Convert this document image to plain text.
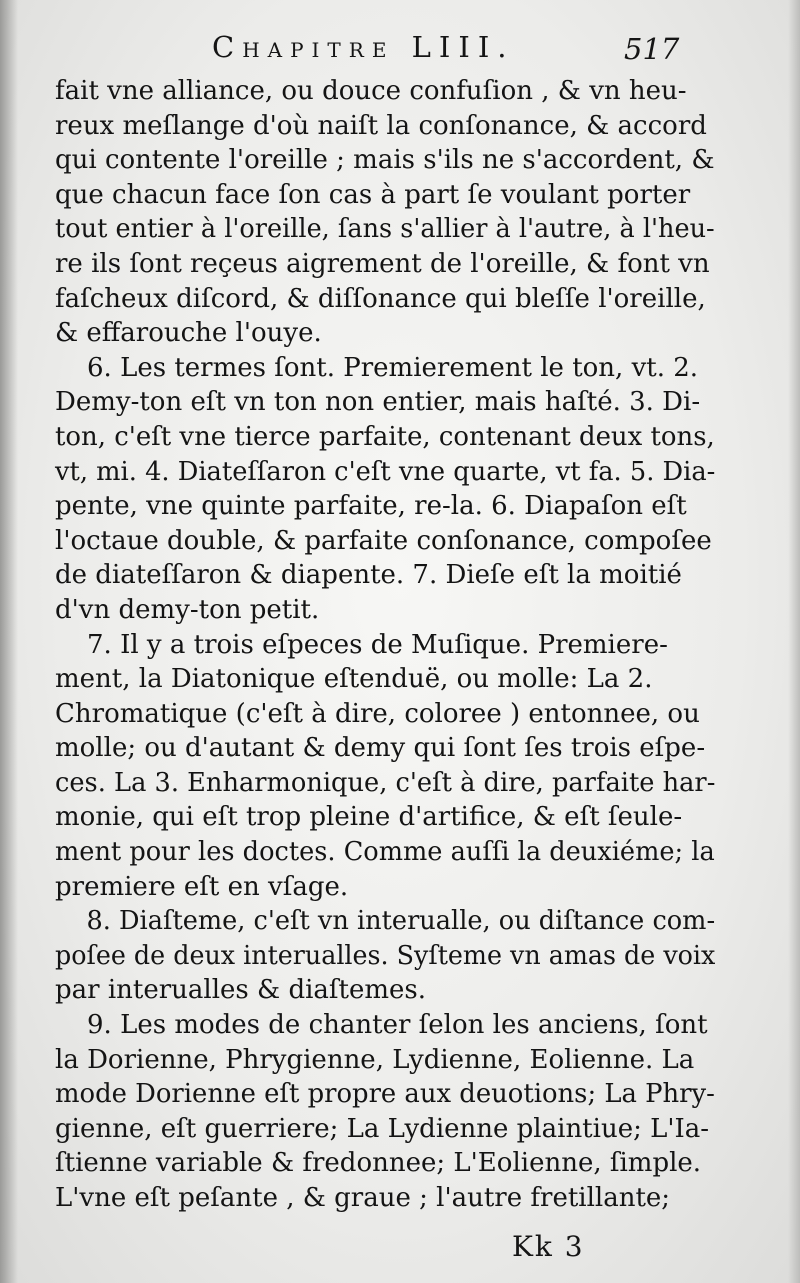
Chapitre LIII.	517
fait vne alliance, ou douce confuſion , & vn heu-
reux meſlange d'où naiſt la conſonance, & accord
qui contente l'oreille ; mais s'ils ne s'accordent, &
que chacun face ſon cas à part ſe voulant porter
tout entier à l'oreille, ſans s'allier à l'autre, à l'heu-
re ils ſont reçeus aigrement de l'oreille, & font vn
faſcheux diſcord, & diſſonance qui bleſſe l'oreille,
& effarouche l'ouye.
6. Les termes ſont. Premierement le ton, vt. 2.
Demy-ton eſt vn ton non entier, mais haſté. 3. Di-
ton, c'eſt vne tierce parfaite, contenant deux tons,
vt, mi. 4. Diateſſaron c'eſt vne quarte, vt fa. 5. Dia-
pente, vne quinte parfaite, re-la. 6. Diapaſon eſt
l'octaue double, & parfaite conſonance, compoſee
de diateſſaron & diapente. 7. Dieſe eſt la moitié
d'vn demy-ton petit.
7. Il y a trois eſpeces de Muſique. Premiere-
ment, la Diatonique eſtenduë, ou molle: La 2.
Chromatique (c'eſt à dire, coloree ) entonnee, ou
molle; ou d'autant & demy qui ſont ſes trois eſpe-
ces. La 3. Enharmonique, c'eſt à dire, parfaite har-
monie, qui eſt trop pleine d'artifice, & eſt ſeule-
ment pour les doctes. Comme auſſi la deuxiéme; la
premiere eſt en vſage.
8. Diaſteme, c'eſt vn interualle, ou diſtance com-
poſee de deux interualles. Syſteme vn amas de voix
par interualles & diaſtemes.
9. Les modes de chanter ſelon les anciens, ſont
la Dorienne, Phrygienne, Lydienne, Eolienne. La
mode Dorienne eſt propre aux deuotions; La Phry-
gienne, eſt guerriere; La Lydienne plaintiue; L'Ia-
ſtienne variable & fredonnee; L'Eolienne, ſimple.
L'vne eſt peſante , & graue ; l'autre fretillante;
Kk 3
